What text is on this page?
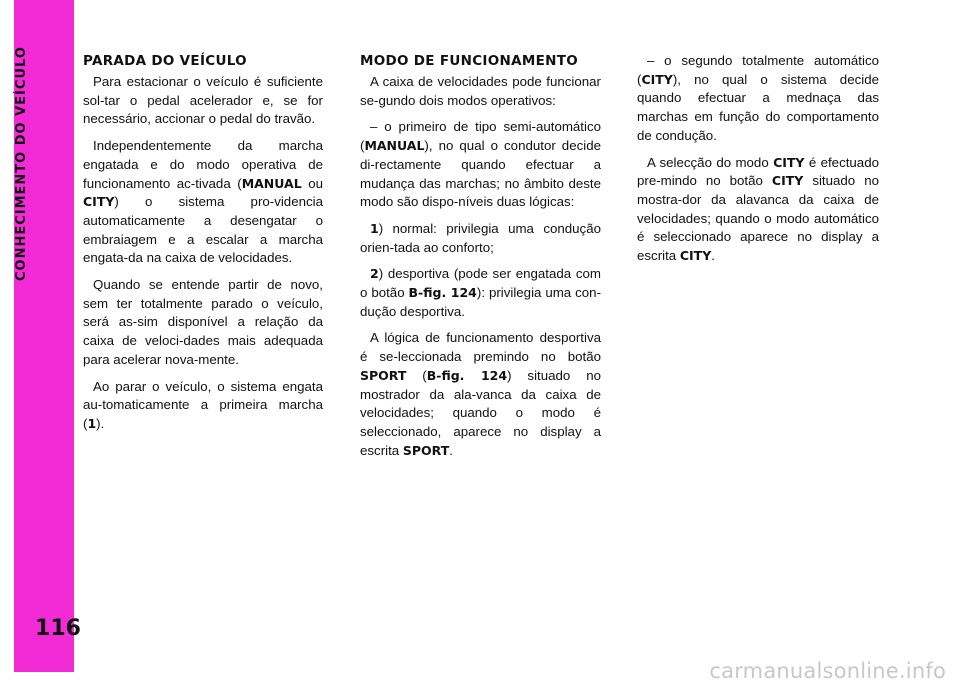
CONHECIMENTO DO VEÍCULO
116
PARADA DO VEÍCULO

Para estacionar o veículo é suficiente sol-tar o pedal acelerador e, se for necessário, accionar o pedal do travão.

Independentemente da marcha engatada e do modo operativa de funcionamento ac-tivada (MANUAL ou CITY) o sistema pro-videncia automaticamente a desengatar o embraiagem e a escalar a marcha engata-da na caixa de velocidades.

Quando se entende partir de novo, sem ter totalmente parado o veículo, será as-sim disponível a relação da caixa de veloci-dades mais adequada para acelerar nova-mente.

Ao parar o veículo, o sistema engata au-tomaticamente a primeira marcha (1).

MODO DE FUNCIONAMENTO

A caixa de velocidades pode funcionar se-gundo dois modos operativos:

– o primeiro de tipo semi-automático (MANUAL), no qual o condutor decide di-rectamente quando efectuar a mudança das marchas; no âmbito deste modo são dispo-níveis duas lógicas:

1) normal: privilegia uma condução orien-tada ao conforto;

2) desportiva (pode ser engatada com o botão B-fig. 124): privilegia uma con-dução desportiva.

A lógica de funcionamento desportiva é se-leccionada premindo no botão SPORT (B-fig. 124) situado no mostrador da ala-vanca da caixa de velocidades; quando o modo é seleccionado, aparece no display a escrita SPORT.

– o segundo totalmente automático (CITY), no qual o sistema decide quando efectuar a mednaça das marchas em função do comportamento de condução.

A selecção do modo CITY é efectuado pre-mindo no botão CITY situado no mostra-dor da alavanca da caixa de velocidades; quando o modo automático é seleccionado aparece no display a escrita CITY.

carmanualsonline.info
